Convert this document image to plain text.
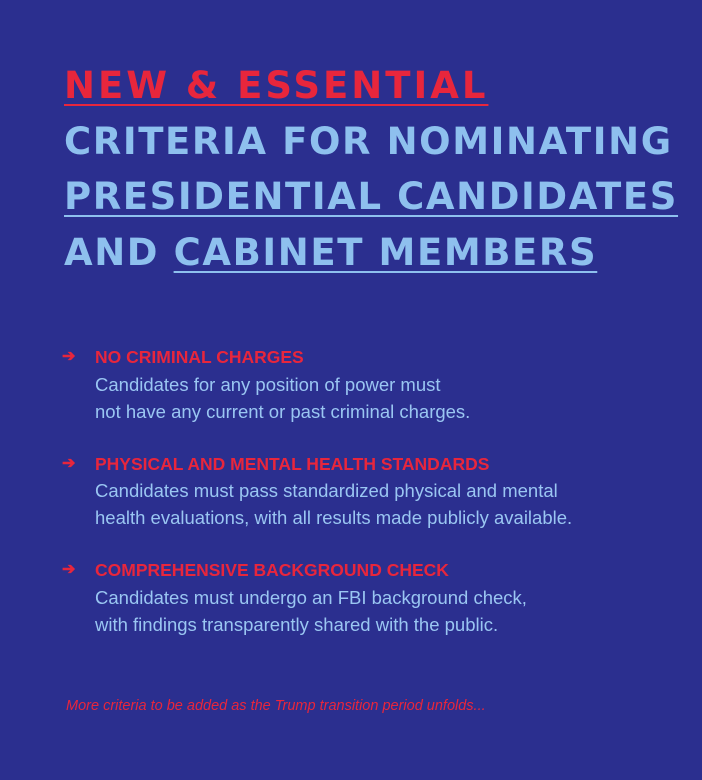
NEW & ESSENTIAL
CRITERIA FOR NOMINATING
PRESIDENTIAL CANDIDATES
AND CABINET MEMBERS
➔ NO CRIMINAL CHARGES
Candidates for any position of power must
not have any current or past criminal charges.
➔ PHYSICAL AND MENTAL HEALTH STANDARDS
Candidates must pass standardized physical and mental
health evaluations, with all results made publicly available.
➔ COMPREHENSIVE BACKGROUND CHECK
Candidates must undergo an FBI background check,
with findings transparently shared with the public.

More criteria to be added as the Trump transition period unfolds...
